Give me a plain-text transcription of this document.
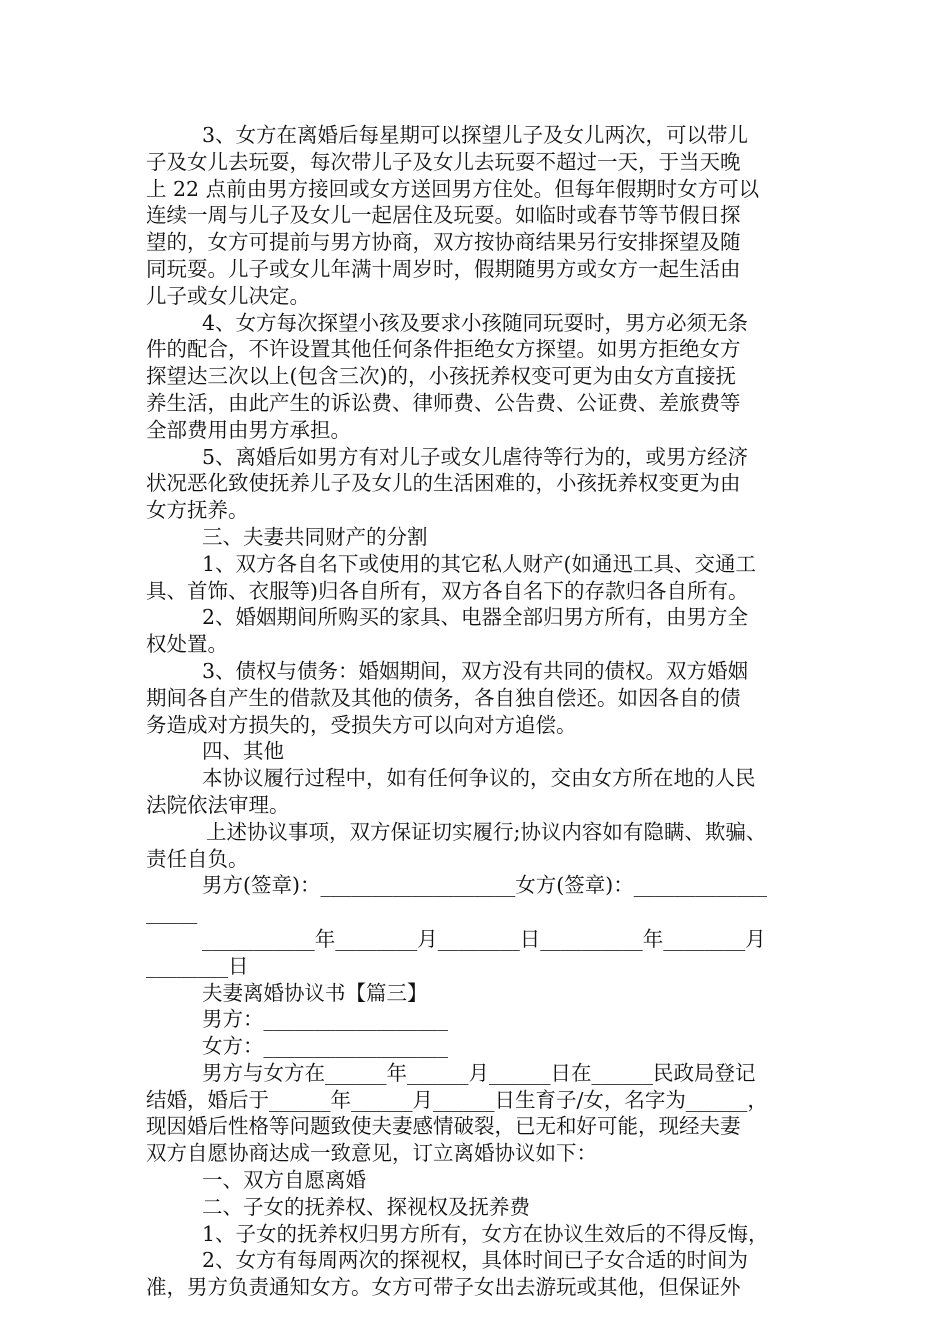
3、女方在离婚后每星期可以探望儿子及女儿两次，可以带儿
子及女儿去玩耍，每次带儿子及女儿去玩耍不超过一天，于当天晚
上 22 点前由男方接回或女方送回男方住处。但每年假期时女方可以
连续一周与儿子及女儿一起居住及玩耍。如临时或春节等节假日探
望的，女方可提前与男方协商，双方按协商结果另行安排探望及随
同玩耍。儿子或女儿年满十周岁时，假期随男方或女方一起生活由
儿子或女儿决定。
4、女方每次探望小孩及要求小孩随同玩耍时，男方必须无条
件的配合，不许设置其他任何条件拒绝女方探望。如男方拒绝女方
探望达三次以上(包含三次)的，小孩抚养权变可更为由女方直接抚
养生活，由此产生的诉讼费、律师费、公告费、公证费、差旅费等
全部费用由男方承担。
5、离婚后如男方有对儿子或女儿虐待等行为的，或男方经济
状况恶化致使抚养儿子及女儿的生活困难的，小孩抚养权变更为由
女方抚养。
三、夫妻共同财产的分割
1、双方各自名下或使用的其它私人财产(如通迅工具、交通工
具、首饰、衣服等)归各自所有，双方各自名下的存款归各自所有。
2、婚姻期间所购买的家具、电器全部归男方所有，由男方全
权处置。
3、债权与债务：婚姻期间，双方没有共同的债权。双方婚姻
期间各自产生的借款及其他的债务，各自独自偿还。如因各自的债
务造成对方损失的，受损失方可以向对方追偿。
四、其他
本协议履行过程中，如有任何争议的，交由女方所在地的人民
法院依法审理。
上述协议事项，双方保证切实履行;协议内容如有隐瞒、欺骗、
责任自负。
男方(签章)：___________________女方(签章)：_____________
_____
___________年________月________日__________年________月
________日
夫妻离婚协议书【篇三】
男方：__________________
女方：__________________
男方与女方在______年______月______日在______民政局登记
结婚，婚后于______年______月______日生育子/女，名字为______，
现因婚后性格等问题致使夫妻感情破裂，已无和好可能，现经夫妻
双方自愿协商达成一致意见，订立离婚协议如下：
一、双方自愿离婚
二、子女的抚养权、探视权及抚养费
1、子女的抚养权归男方所有，女方在协议生效后的不得反悔，
2、女方有每周两次的探视权，具体时间已子女合适的时间为
准，男方负责通知女方。女方可带子女出去游玩或其他，但保证外
